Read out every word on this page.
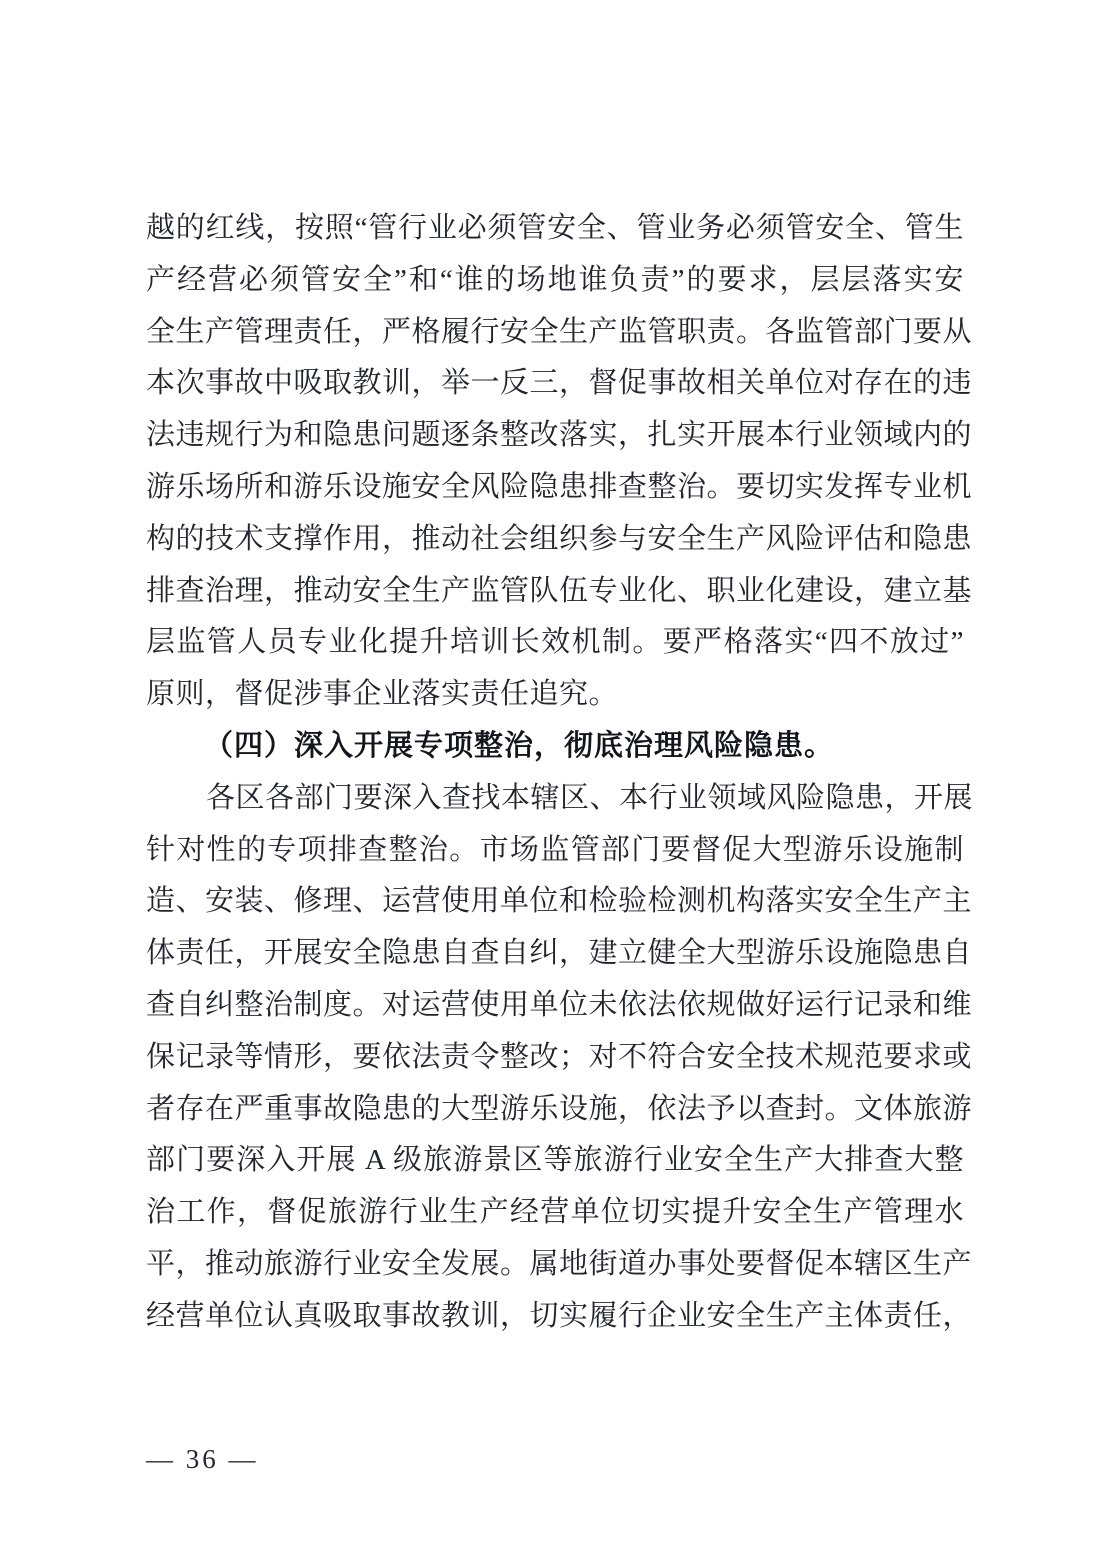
越的红线，按照“管行业必须管安全、管业务必须管安全、管生
产经营必须管安全”和“谁的场地谁负责”的要求，层层落实安
全生产管理责任，严格履行安全生产监管职责。各监管部门要从
本次事故中吸取教训，举一反三，督促事故相关单位对存在的违
法违规行为和隐患问题逐条整改落实，扎实开展本行业领域内的
游乐场所和游乐设施安全风险隐患排查整治。要切实发挥专业机
构的技术支撑作用，推动社会组织参与安全生产风险评估和隐患
排查治理，推动安全生产监管队伍专业化、职业化建设，建立基
层监管人员专业化提升培训长效机制。要严格落实“四不放过”
原则，督促涉事企业落实责任追究。
（四）深入开展专项整治，彻底治理风险隐患。
各区各部门要深入查找本辖区、本行业领域风险隐患，开展
针对性的专项排查整治。市场监管部门要督促大型游乐设施制
造、安装、修理、运营使用单位和检验检测机构落实安全生产主
体责任，开展安全隐患自查自纠，建立健全大型游乐设施隐患自
查自纠整治制度。对运营使用单位未依法依规做好运行记录和维
保记录等情形，要依法责令整改；对不符合安全技术规范要求或
者存在严重事故隐患的大型游乐设施，依法予以查封。文体旅游
部门要深入开展 A 级旅游景区等旅游行业安全生产大排查大整
治工作，督促旅游行业生产经营单位切实提升安全生产管理水
平，推动旅游行业安全发展。属地街道办事处要督促本辖区生产
经营单位认真吸取事故教训，切实履行企业安全生产主体责任，
— 36 —
